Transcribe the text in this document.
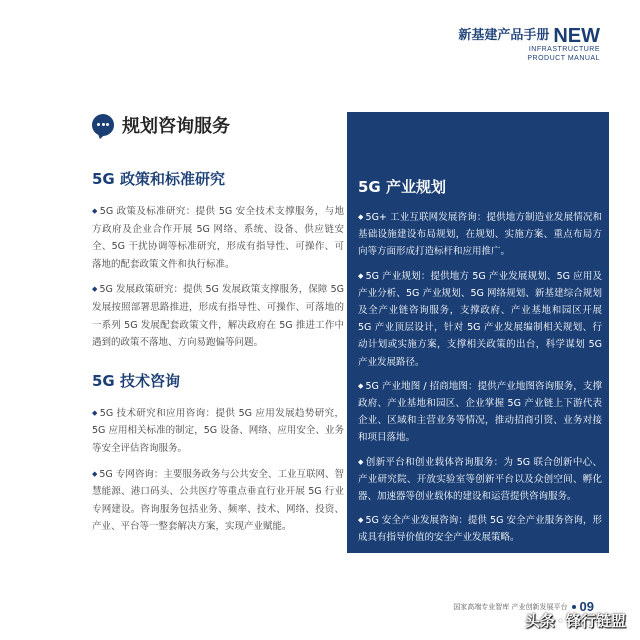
新基建产品手册 NEW
INFRASTRUCTURE
PRODUCT MANUAL
规划咨询服务
5G 政策和标准研究
◆ 5G 政策及标准研究：提供 5G 安全技术支撑服务，与地方政府及企业合作开展 5G 网络、系统、设备、供应链安全、5G 干扰协调等标准研究，形成有指导性、可操作、可落地的配套政策文件和执行标准。
◆ 5G 发展政策研究：提供 5G 发展政策支撑服务，保障 5G 发展按照部署思路推进，形成有指导性、可操作、可落地的一系列 5G 发展配套政策文件，解决政府在 5G 推进工作中遇到的政策不落地、方向易跑偏等问题。
5G 技术咨询
◆ 5G 技术研究和应用咨询：提供 5G 应用发展趋势研究，5G 应用相关标准的制定，5G 设备、网络、应用安全、业务等安全评估咨询服务。
◆ 5G 专网咨询：主要服务政务与公共安全、工业互联网、智慧能源、港口码头、公共医疗等重点垂直行业开展 5G 行业专网建设。咨询服务包括业务、频率、技术、网络、投资、产业、平台等一整套解决方案，实现产业赋能。
5G 产业规划
◆ 5G+ 工业互联网发展咨询：提供地方制造业发展情况和基础设施建设布局规划，在规划、实施方案、重点布局方向等方面形成打造标杆和应用推广。
◆ 5G 产业规划：提供地方 5G 产业发展规划、5G 应用及产业分析、5G 产业规划、5G 网络规划、新基建综合规划及全产业链咨询服务，支撑政府、产业基地和园区开展 5G 产业顶层设计，针对 5G 产业发展编制相关规划、行动计划或实施方案，支撑相关政策的出台，科学谋划 5G 产业发展路径。
◆ 5G 产业地图 / 招商地图：提供产业地图咨询服务，支撑政府、产业基地和园区、企业掌握 5G 产业链上下游代表企业、区域和主营业务等情况，推动招商引资、业务对接和项目落地。
◆ 创新平台和创业载体咨询服务：为 5G 联合创新中心、产业研究院、开放实验室等创新平台以及众创空间、孵化器、加速器等创业载体的建设和运营提供咨询服务。
◆ 5G 安全产业发展咨询：提供 5G 安全产业服务咨询，形成具有指导价值的安全产业发展策略。
国家高端专业智库 产业创新发展平台 09
头条 锋行链盟
